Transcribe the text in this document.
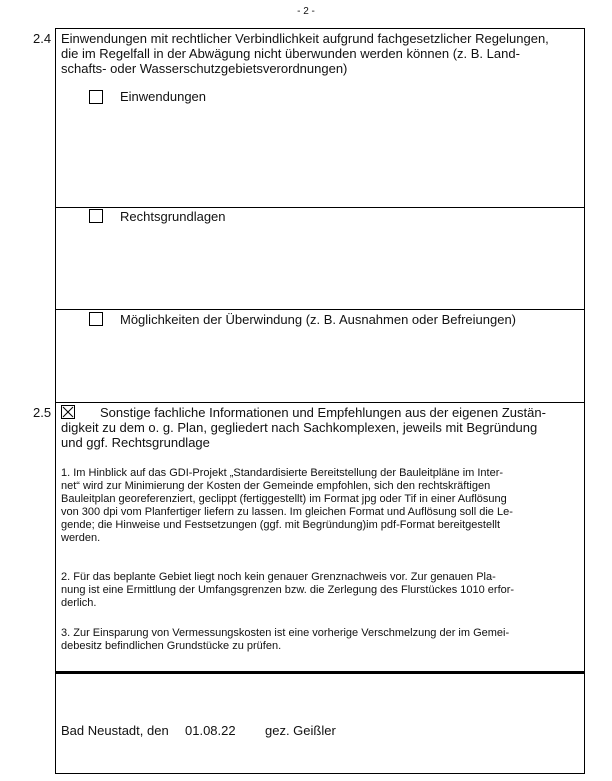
- 2 -
2.4 Einwendungen mit rechtlicher Verbindlichkeit aufgrund fachgesetzlicher Regelungen,
die im Regelfall in der Abwägung nicht überwunden werden können (z. B. Land-
schafts- oder Wasserschutzgebietsverordnungen)
Einwendungen
Rechtsgrundlagen
Möglichkeiten der Überwindung (z. B. Ausnahmen oder Befreiungen)
2.5	Sonstige fachliche Informationen und Empfehlungen aus der eigenen Zustän-
digkeit zu dem o. g. Plan, gegliedert nach Sachkomplexen, jeweils mit Begründung
und ggf. Rechtsgrundlage
1. Im Hinblick auf das GDI-Projekt „Standardisierte Bereitstellung der Bauleitpläne im Inter-
net“ wird zur Minimierung der Kosten der Gemeinde empfohlen, sich den rechtskräftigen
Bauleitplan georeferenziert, geclippt (fertiggestellt) im Format jpg oder Tif in einer Auflösung
von 300 dpi vom Planfertiger liefern zu lassen. Im gleichen Format und Auflösung soll die Le-
gende; die Hinweise und Festsetzungen (ggf. mit Begründung)im pdf-Format bereitgestellt
werden.
2. Für das beplante Gebiet liegt noch kein genauer Grenznachweis vor. Zur genauen Pla-
nung ist eine Ermittlung der Umfangsgrenzen bzw. die Zerlegung des Flurstückes 1010 erfor-
derlich.
3. Zur Einsparung von Vermessungskosten ist eine vorherige Verschmelzung der im Gemei-
debesitz befindlichen Grundstücke zu prüfen.
Bad Neustadt, den 01.08.22 gez. Geißler
